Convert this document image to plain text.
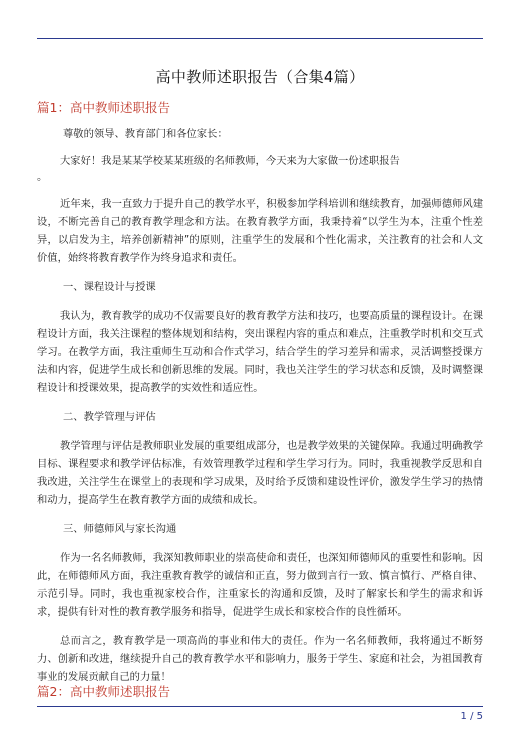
高中教师述职报告（合集4篇）
篇1：高中教师述职报告

尊敬的领导、教育部门和各位家长：

大家好！我是某某学校某某班级的名师教师，今天来为大家做一份述职报告

。

近年来，我一直致力于提升自己的教学水平，积极参加学科培训和继续教育，加强师德师风建设，不断完善自己的教育教学理念和方法。在教育教学方面，我秉持着“以学生为本，注重个性差异，以启发为主，培养创新精神”的原则，注重学生的发展和个性化需求，关注教育的社会和人文价值，始终将教育教学作为终身追求和责任。

一、课程设计与授课

我认为，教育教学的成功不仅需要良好的教育教学方法和技巧，也要高质量的课程设计。在课程设计方面，我关注课程的整体规划和结构，突出课程内容的重点和难点，注重教学时机和交互式学习。在教学方面，我注重师生互动和合作式学习，结合学生的学习差异和需求，灵活调整授课方法和内容，促进学生成长和创新思维的发展。同时，我也关注学生的学习状态和反馈，及时调整课程设计和授课效果，提高教学的实效性和适应性。

二、教学管理与评估

教学管理与评估是教师职业发展的重要组成部分，也是教学效果的关键保障。我通过明确教学目标、课程要求和教学评估标准，有效管理教学过程和学生学习行为。同时，我重视教学反思和自我改进，关注学生在课堂上的表现和学习成果，及时给予反馈和建设性评价，激发学生学习的热情和动力，提高学生在教育教学方面的成绩和成长。

三、师德师风与家长沟通

作为一名名师教师，我深知教师职业的崇高使命和责任，也深知师德师风的重要性和影响。因此，在师德师风方面，我注重教育教学的诚信和正直，努力做到言行一致、慎言慎行、严格自律、示范引导。同时，我也重视家校合作，注重家长的沟通和反馈，及时了解家长和学生的需求和诉求，提供有针对性的教育教学服务和指导，促进学生成长和家校合作的良性循环。

总而言之，教育教学是一项高尚的事业和伟大的责任。作为一名名师教师，我将通过不断努力、创新和改进，继续提升自己的教育教学水平和影响力，服务于学生、家庭和社会，为祖国教育事业的发展贡献自己的力量！

篇2：高中教师述职报告
1 / 5
